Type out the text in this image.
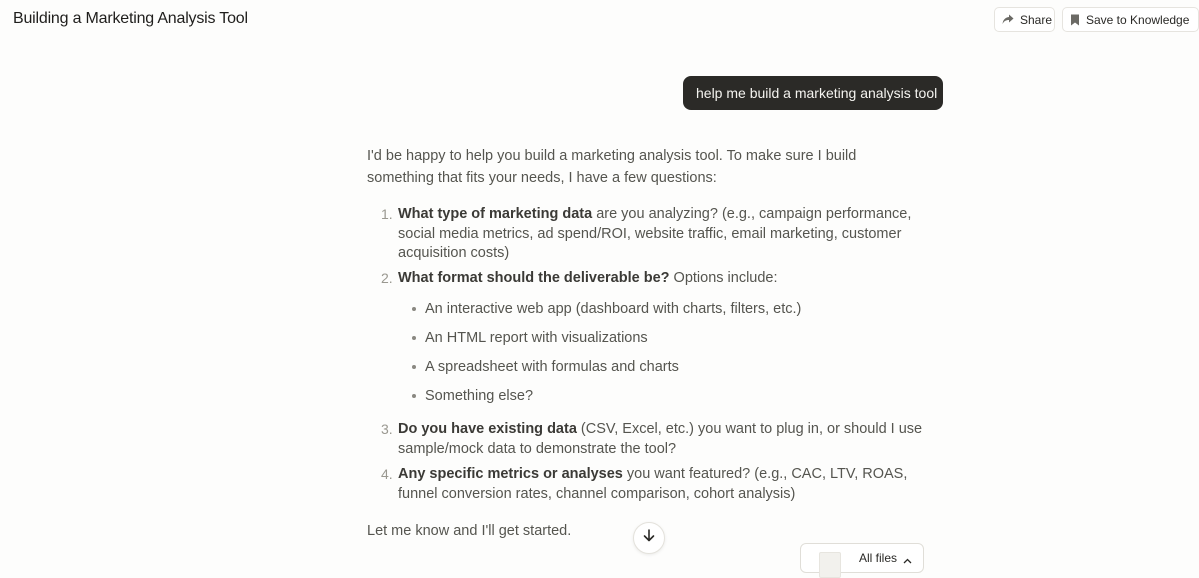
Building a Marketing Analysis Tool	Share	Save to Knowledge
help me build a marketing analysis tool

I'd be happy to help you build a marketing analysis tool. To make sure I build something that fits your needs, I have a few questions:

1. What type of marketing data are you analyzing? (e.g., campaign performance, social media metrics, ad spend/ROI, website traffic, email marketing, customer acquisition costs)
2. What format should the deliverable be? Options include:
An interactive web app (dashboard with charts, filters, etc.)
An HTML report with visualizations
A spreadsheet with formulas and charts
Something else?
3. Do you have existing data (CSV, Excel, etc.) you want to plug in, or should I use sample/mock data to demonstrate the tool?
4. Any specific metrics or analyses you want featured? (e.g., CAC, LTV, ROAS, funnel conversion rates, channel comparison, cohort analysis)
Let me know and I'll get started.
All files
